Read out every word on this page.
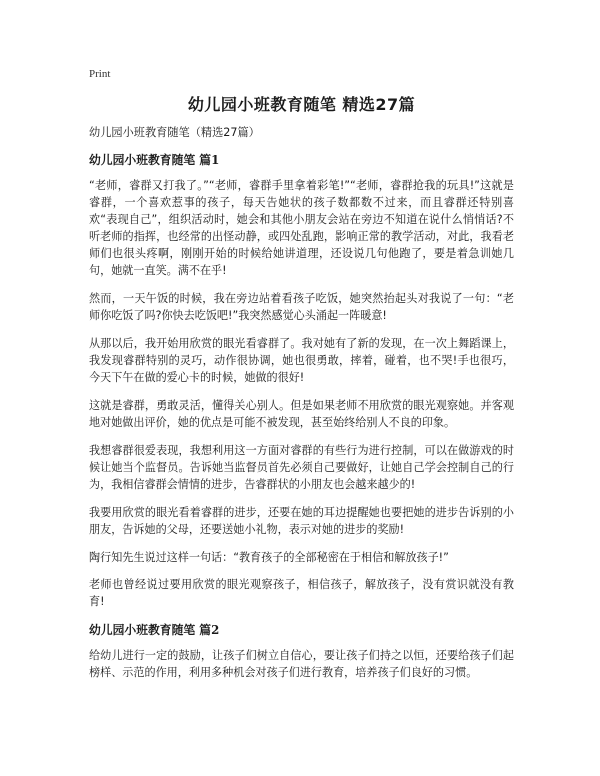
Print
幼儿园小班教育随笔 精选27篇
幼儿园小班教育随笔（精选27篇）
幼儿园小班教育随笔 篇1

“老师，睿群又打我了。”“老师，睿群手里拿着彩笔!”“老师，睿群抢我的玩具!”这就是睿群，一个喜欢惹事的孩子，每天告她状的孩子数都数不过来，而且睿群还特别喜欢“表现自己”，组织活动时，她会和其他小朋友会站在旁边不知道在说什么悄悄话?不听老师的指挥，也经常的出怪动静，或四处乱跑，影响正常的教学活动，对此，我看老师们也很头疼啊，刚刚开始的时候给她讲道理，还设说几句他跑了，要是着急训她几句，她就一直笑。满不在乎!

然而，一天午饭的时候，我在旁边站着看孩子吃饭，她突然抬起头对我说了一句：“老师你吃饭了吗?你快去吃饭吧!”我突然感觉心头涌起一阵暖意!

从那以后，我开始用欣赏的眼光看睿群了。我对她有了新的发现，在一次上舞蹈课上，我发现睿群特别的灵巧，动作很协调，她也很勇敢，摔着，碰着，也不哭!手也很巧，今天下午在做的爱心卡的时候，她做的很好!

这就是睿群，勇敢灵活，懂得关心别人。但是如果老师不用欣赏的眼光观察她。并客观地对她做出评价，她的优点是可能不被发现，甚至始终给别人不良的印象。

我想睿群很爱表现，我想利用这一方面对睿群的有些行为进行控制，可以在做游戏的时候让她当个监督员。告诉她当监督员首先必须自己要做好，让她自己学会控制自己的行为，我相信睿群会情情的进步，告睿群状的小朋友也会越来越少的!

我要用欣赏的眼光看着睿群的进步，还要在她的耳边提醒她也要把她的进步告诉别的小朋友，告诉她的父母，还要送她小礼物，表示对她的进步的奖励!

陶行知先生说过这样一句话：“教育孩子的全部秘密在于相信和解放孩子!”

老师也曾经说过要用欣赏的眼光观察孩子，相信孩子，解放孩子，没有赏识就没有教育!

幼儿园小班教育随笔 篇2

给幼儿进行一定的鼓励，让孩子们树立自信心，要让孩子们持之以恒，还要给孩子们起榜样、示范的作用，利用多种机会对孩子们进行教育，培养孩子们良好的习惯。
